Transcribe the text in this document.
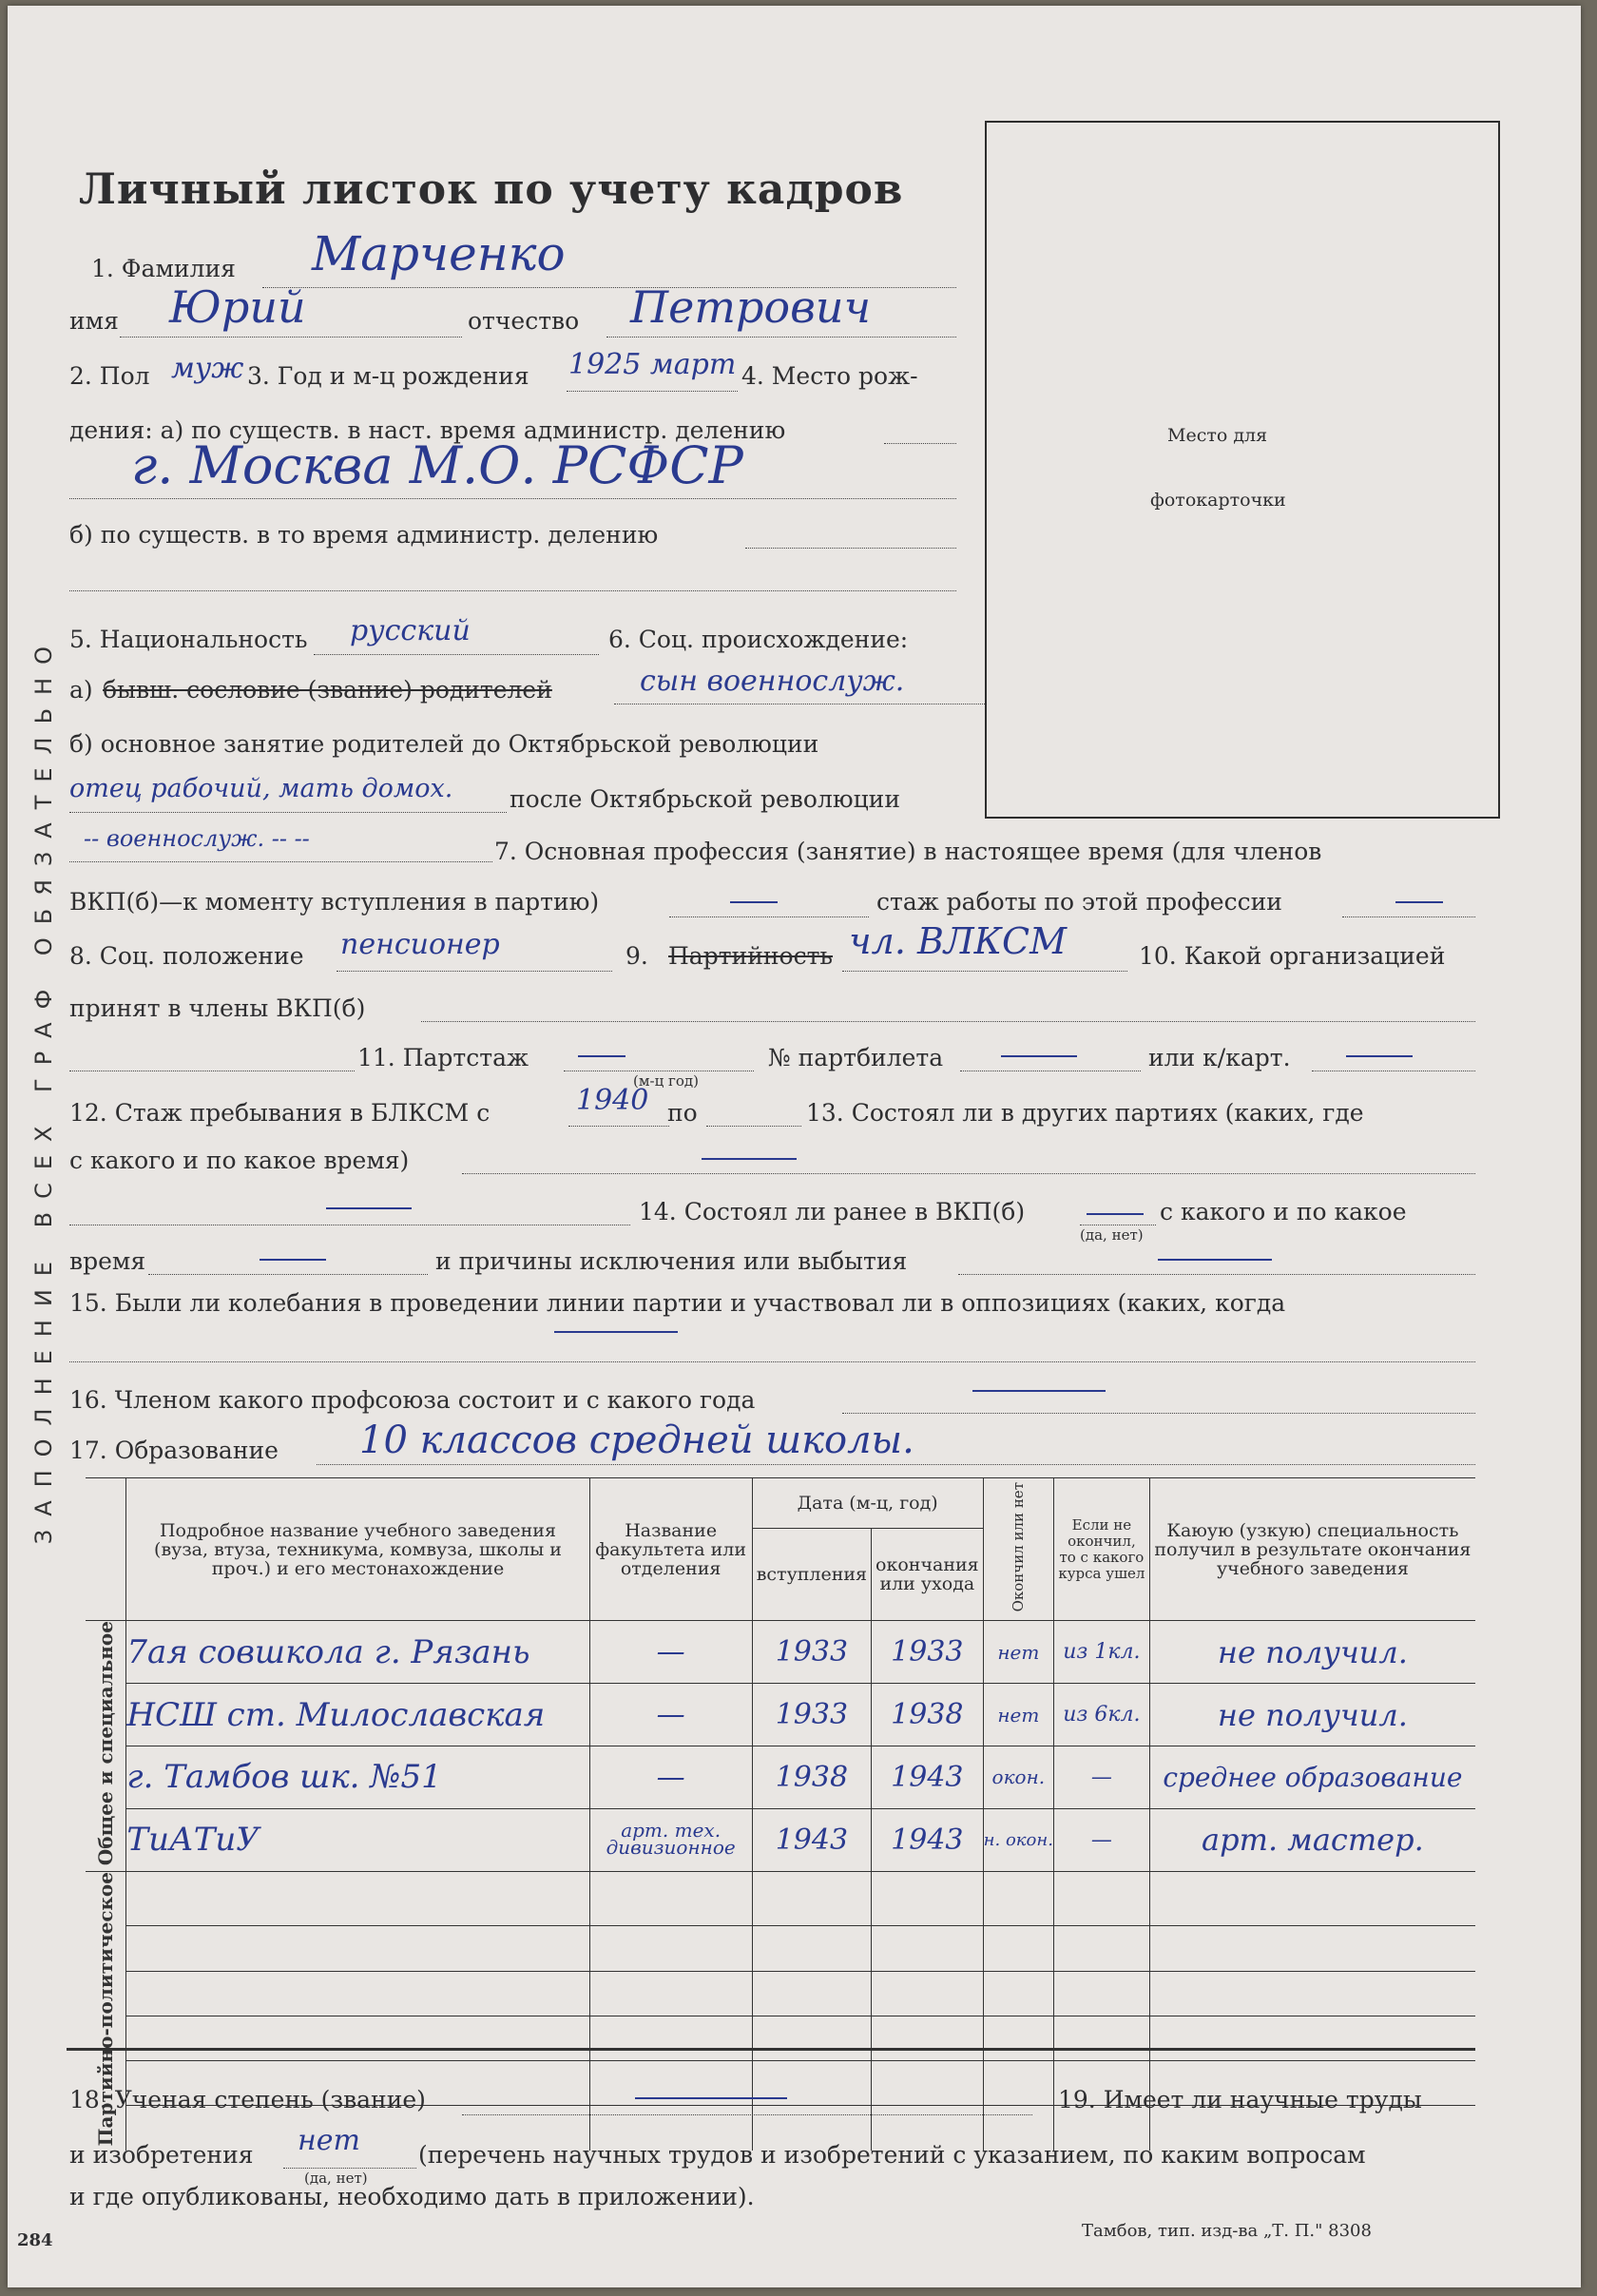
Личный листок по учету кадров
Место для
фотокарточки
ЗАПОЛНЕНИЕ ВСЕХ ГРАФ ОБЯЗАТЕЛЬНО
1. Фамилия Марченко
имя Юрий	отчество Петрович
2. Пол муж 3. Год и м-ц рождения 1925 март 4. Место рож-
дения: а) по существ. в наст. время администр. делению
г. Москва М.О. РСФСР
б) по существ. в то время администр. делению
5. Национальность русский	6. Соц. происхождение:
а) бывш. сословие (звание) родителей	сын военнослуж.
б) основное занятие родителей до Октябрьской революции
отец рабочий, мать домох. после Октябрьской революции
-- военнослуж. -- --	7. Основная профессия (занятие) в настоящее время (для членов
ВКП(б)—к моменту вступления в партию)	стаж работы по этой профессии
8. Соц. положение пенсионер	9. Партийность чл. ВЛКСМ	10. Какой организацией
принят в члены ВКП(б)
11. Партстаж
(м-ц год)
№ партбилета	или к/карт.
12. Стаж пребывания в БЛКСМ с	1940 по	13. Состоял ли в других партиях (каких, где
с какого и по какое время)
14. Состоял ли ранее в ВКП(б)
(да, нет)
с какого и по какое
время	и причины исключения или выбытия
15. Были ли колебания в проведении линии партии и участвовал ли в оппозициях (каких, когда
16. Членом какого профсоюза состоит и с какого года
17. Образование 10 классов средней школы.
	Подробное название учебного заведения (вуза, втуза, техникума, комвуза, школы и проч.) и его местонахождение	Название факультета или отделения	Дата (м-ц, год)		Окончил или нет	Если не окончил, то с какого курса ушел	Каюую (узкую) специальность получил в результате окончания учебного заведения
			вступления	окончания или ухода			
Общее и специальное	7ая совшкола г. Рязань	—	1933	1933	нет	из 1кл.	не получил.
	НСШ ст. Милославская	—	1933	1938	нет	из 6кл.	не получил.
	г. Тамбов шк. №51	—	1938	1943	окон.	—	среднее образование
	ТиАТиУ	арт. тех. дивизионное	1943	1943	н. окон.	—	арт. мастер.
Партийно-политическое							

18. Ученая степень (звание)	19. Имеет ли научные труды
и изобретения нет
(да, нет)
(перечень научных трудов и изобретений с указанием, по каким вопросам
и где опубликованы, необходимо дать в приложении).
284	Тамбов, тип. изд-ва „Т. П." 8308
